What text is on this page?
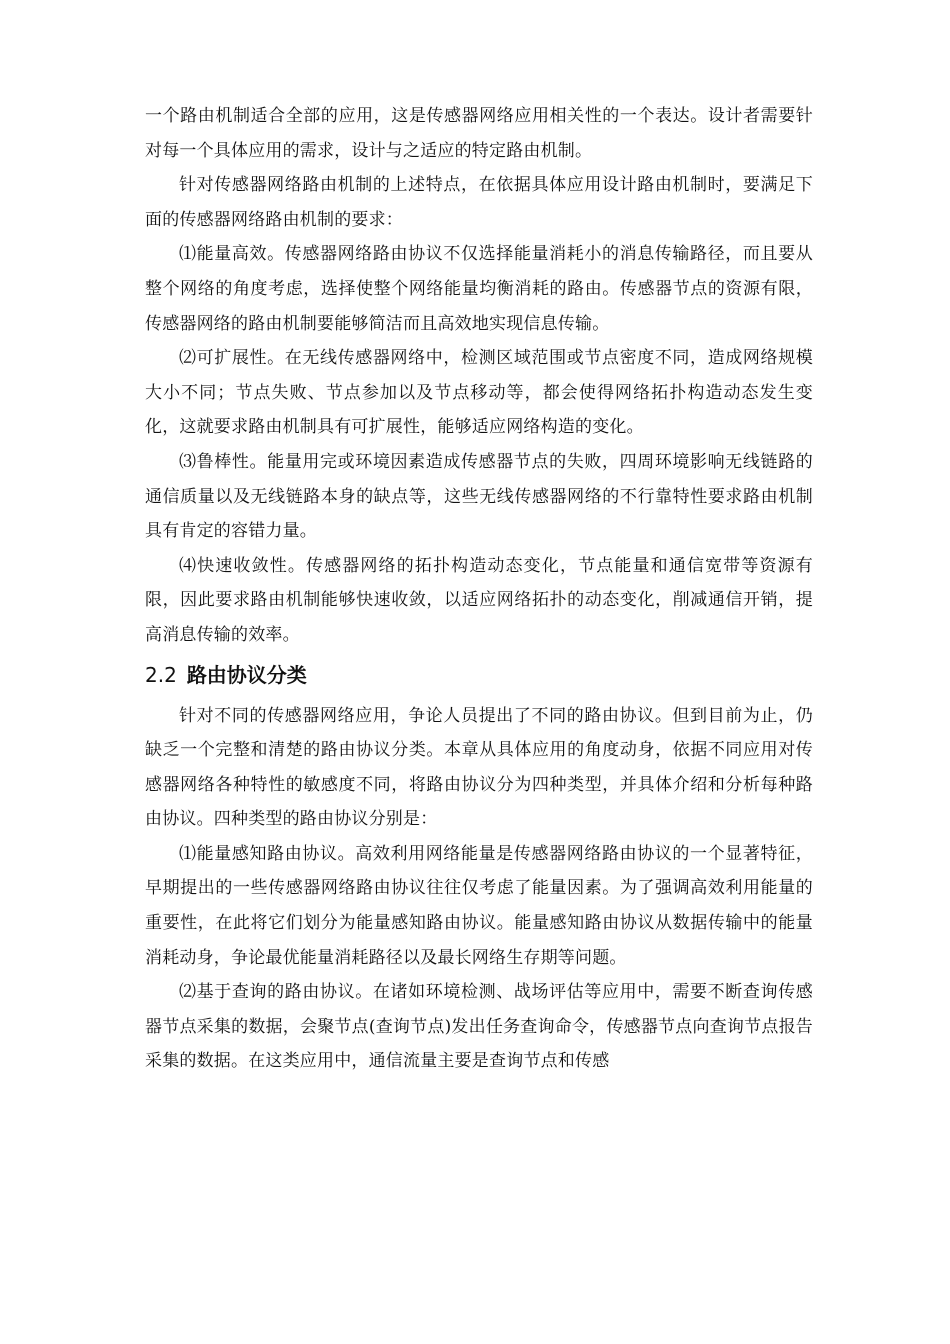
一个路由机制适合全部的应用，这是传感器网络应用相关性的一个表达。设计者需要针对每一个具体应用的需求，设计与之适应的特定路由机制。

针对传感器网络路由机制的上述特点，在依据具体应用设计路由机制时，要满足下面的传感器网络路由机制的要求：

⑴能量高效。传感器网络路由协议不仅选择能量消耗小的消息传输路径，而且要从整个网络的角度考虑，选择使整个网络能量均衡消耗的路由。传感器节点的资源有限，传感器网络的路由机制要能够简洁而且高效地实现信息传输。

⑵可扩展性。在无线传感器网络中，检测区域范围或节点密度不同，造成网络规模大小不同；节点失败、节点参加以及节点移动等，都会使得网络拓扑构造动态发生变化，这就要求路由机制具有可扩展性，能够适应网络构造的变化。

⑶鲁棒性。能量用完或环境因素造成传感器节点的失败，四周环境影响无线链路的通信质量以及无线链路本身的缺点等，这些无线传感器网络的不行靠特性要求路由机制具有肯定的容错力量。

⑷快速收敛性。传感器网络的拓扑构造动态变化，节点能量和通信宽带等资源有限，因此要求路由机制能够快速收敛，以适应网络拓扑的动态变化，削减通信开销，提高消息传输的效率。

2.2 路由协议分类

针对不同的传感器网络应用，争论人员提出了不同的路由协议。但到目前为止，仍缺乏一个完整和清楚的路由协议分类。本章从具体应用的角度动身，依据不同应用对传感器网络各种特性的敏感度不同，将路由协议分为四种类型，并具体介绍和分析每种路由协议。四种类型的路由协议分别是：

⑴能量感知路由协议。高效利用网络能量是传感器网络路由协议的一个显著特征，早期提出的一些传感器网络路由协议往往仅考虑了能量因素。为了强调高效利用能量的重要性，在此将它们划分为能量感知路由协议。能量感知路由协议从数据传输中的能量消耗动身，争论最优能量消耗路径以及最长网络生存期等问题。

⑵基于查询的路由协议。在诸如环境检测、战场评估等应用中，需要不断查询传感器节点采集的数据，会聚节点(查询节点)发出任务查询命令，传感器节点向查询节点报告采集的数据。在这类应用中，通信流量主要是查询节点和传感
